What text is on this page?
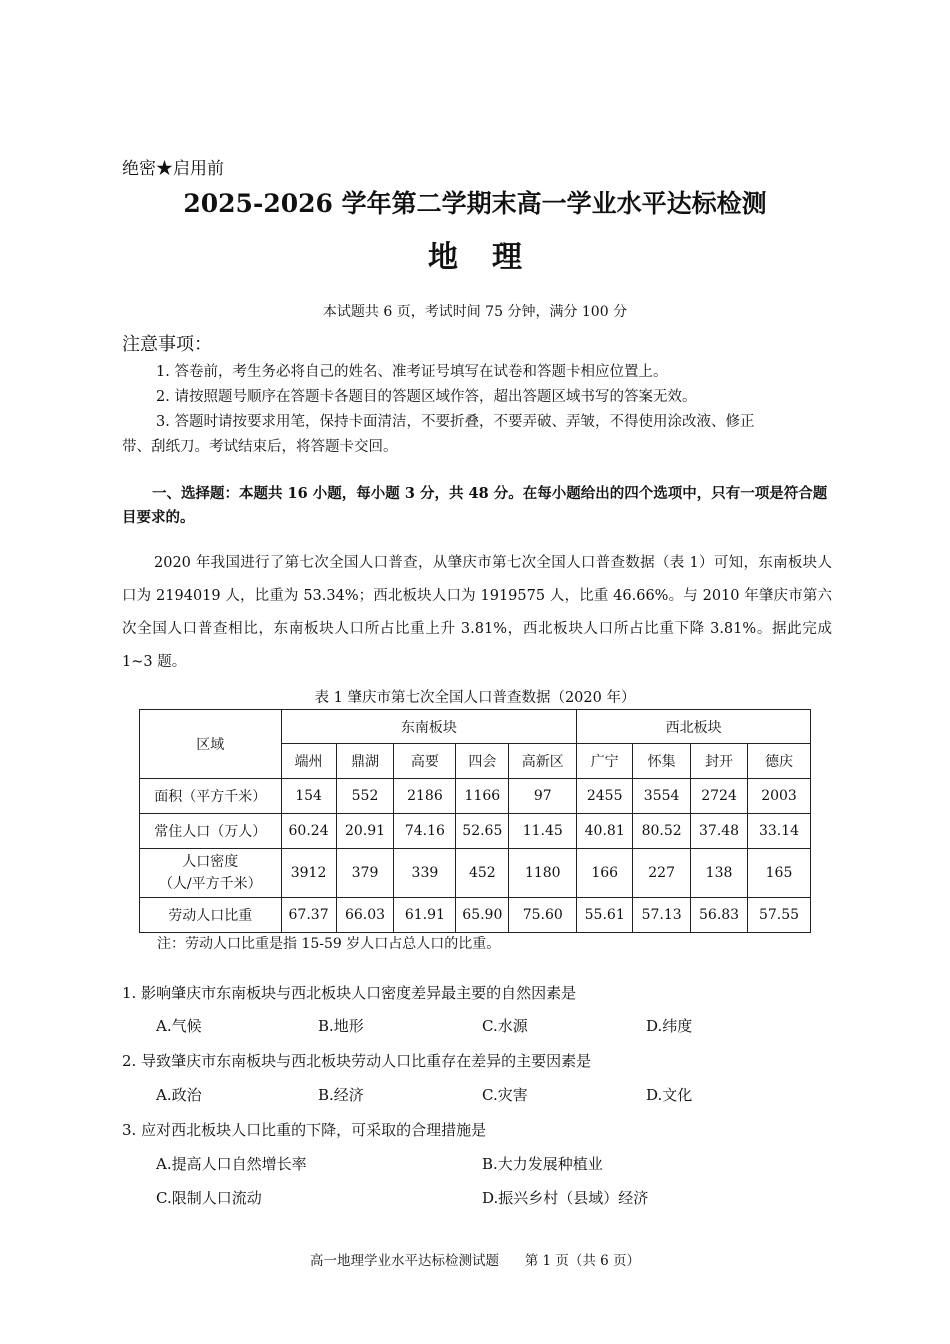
绝密★启用前
2025-2026 学年第二学期末高一学业水平达标检测
地理
本试题共 6 页，考试时间 75 分钟，满分 100 分
注意事项：
1. 答卷前，考生务必将自己的姓名、准考证号填写在试卷和答题卡相应位置上。
2. 请按照题号顺序在答题卡各题目的答题区域作答，超出答题区域书写的答案无效。
3. 答题时请按要求用笔，保持卡面清洁，不要折叠，不要弄破、弄皱，不得使用涂改液、修正
带、刮纸刀。考试结束后，将答题卡交回。
一、选择题：本题共 16 小题，每小题 3 分，共 48 分。在每小题给出的四个选项中，只有一项是符合题目要求的。
2020 年我国进行了第七次全国人口普查，从肇庆市第七次全国人口普查数据（表 1）可知，东南板块人口为 2194019 人，比重为 53.34%；西北板块人口为 1919575 人，比重 46.66%。与 2010 年肇庆市第六次全国人口普查相比，东南板块人口所占比重上升 3.81%，西北板块人口所占比重下降 3.81%。据此完成 1~3 题。
表 1 肇庆市第七次全国人口普查数据（2020 年）
区域	东南板块					西北板块			
	端州	鼎湖	高要	四会	高新区	广宁	怀集	封开	德庆
面积（平方千米）	154	552	2186	1166	97	2455	3554	2724	2003
常住人口（万人）	60.24	20.91	74.16	52.65	11.45	40.81	80.52	37.48	33.14

人口密度
（人/平方千米）	3912	379	339	452	1180	166	227	138	165
劳动人口比重	67.37	66.03	61.91	65.90	75.60	55.61	57.13	56.83	57.55
注：劳动人口比重是指 15-59 岁人口占总人口的比重。
1. 影响肇庆市东南板块与西北板块人口密度差异最主要的自然因素是
A.气候	B.地形	C.水源	D.纬度
2. 导致肇庆市东南板块与西北板块劳动人口比重存在差异的主要因素是
A.政治	B.经济	C.灾害	D.文化
3. 应对西北板块人口比重的下降，可采取的合理措施是
A.提高人口自然增长率	B.大力发展种植业
C.限制人口流动	D.振兴乡村（县域）经济
高一地理学业水平达标检测试题      第 1 页（共 6 页）
